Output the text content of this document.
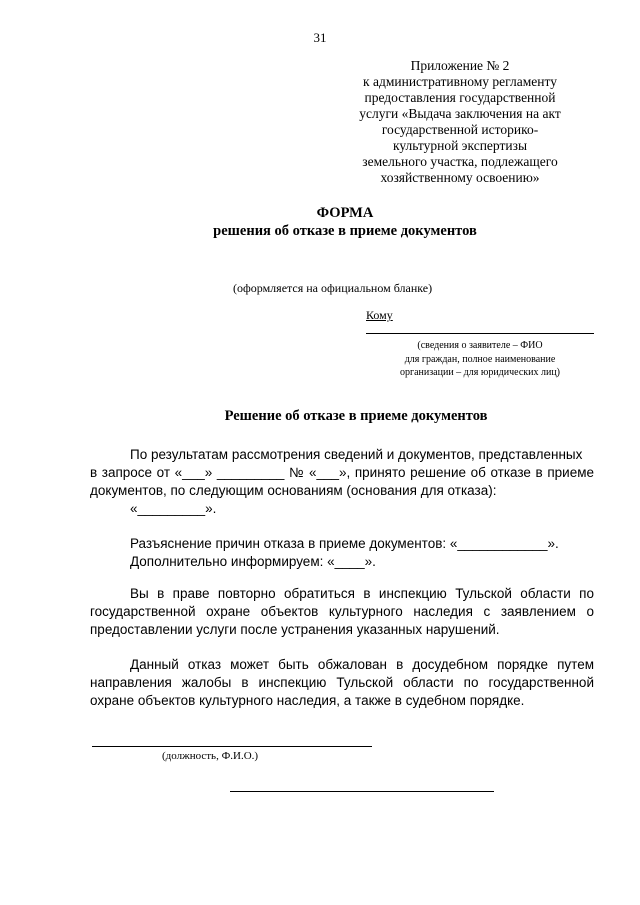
31
Приложение № 2
к административному регламенту
предоставления государственной
услуги «Выдача заключения на акт
государственной историко-
культурной экспертизы
земельного участка, подлежащего
хозяйственному освоению»
ФОРМА
решения об отказе в приеме документов
(оформляется на официальном бланке)
Кому
(сведения о заявителе – ФИО
для граждан, полное наименование
организации – для юридических лиц)
Решение об отказе в приеме документов
По результатам рассмотрения сведений и документов, представленных
в запросе от «___» _________ № «___», принято решение об отказе в приеме
документов, по следующим основаниям (основания для отказа):
«_________».
Разъяснение причин отказа в приеме документов: «____________».
Дополнительно информируем: «____».
Вы в праве повторно обратиться в инспекцию Тульской области по
государственной охране объектов культурного наследия с заявлением о
предоставлении услуги после устранения указанных нарушений.
Данный отказ может быть обжалован в досудебном порядке путем
направления жалобы в инспекцию Тульской области по государственной
охране объектов культурного наследия, а также в судебном порядке.
(должность, Ф.И.О.)
